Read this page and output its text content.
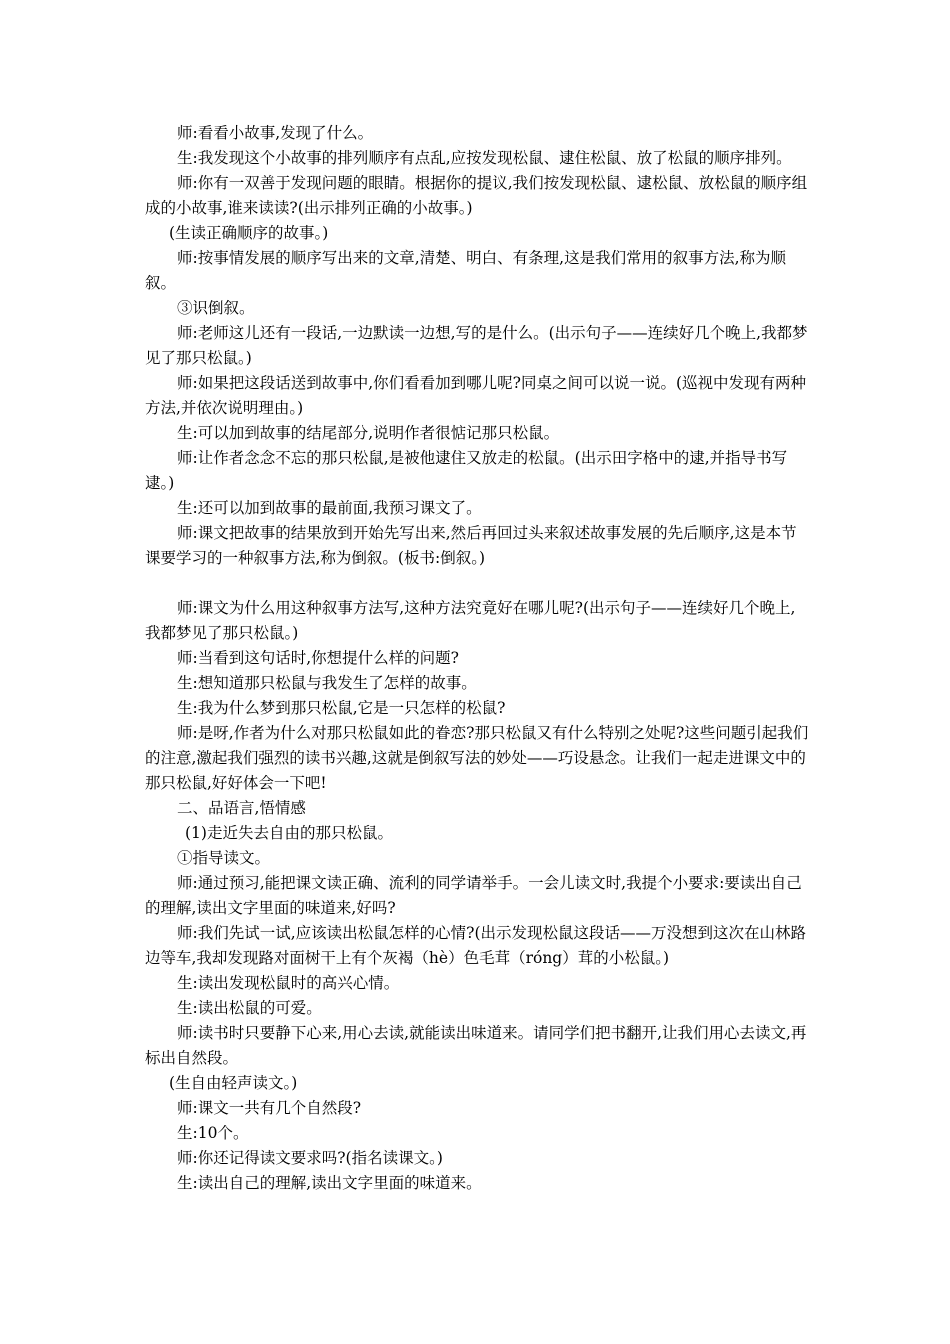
师:看看小故事,发现了什么。

生:我发现这个小故事的排列顺序有点乱,应按发现松鼠、逮住松鼠、放了松鼠的顺序排列。

师:你有一双善于发现问题的眼睛。根据你的提议,我们按发现松鼠、逮松鼠、放松鼠的顺序组成的小故事,谁来读读?(出示排列正确的小故事。)

(生读正确顺序的故事。)

师:按事情发展的顺序写出来的文章,清楚、明白、有条理,这是我们常用的叙事方法,称为顺叙。

③识倒叙。

师:老师这儿还有一段话,一边默读一边想,写的是什么。(出示句子——连续好几个晚上,我都梦见了那只松鼠。)

师:如果把这段话送到故事中,你们看看加到哪儿呢?同桌之间可以说一说。(巡视中发现有两种方法,并依次说明理由。)

生:可以加到故事的结尾部分,说明作者很惦记那只松鼠。

师:让作者念念不忘的那只松鼠,是被他逮住又放走的松鼠。(出示田字格中的逮,并指导书写逮。)

生:还可以加到故事的最前面,我预习课文了。

师:课文把故事的结果放到开始先写出来,然后再回过头来叙述故事发展的先后顺序,这是本节课要学习的一种叙事方法,称为倒叙。(板书:倒叙。)

师:课文为什么用这种叙事方法写,这种方法究竟好在哪儿呢?(出示句子——连续好几个晚上,我都梦见了那只松鼠。)

师:当看到这句话时,你想提什么样的问题?

生:想知道那只松鼠与我发生了怎样的故事。

生:我为什么梦到那只松鼠,它是一只怎样的松鼠?

师:是呀,作者为什么对那只松鼠如此的眷恋?那只松鼠又有什么特别之处呢?这些问题引起我们的注意,激起我们强烈的读书兴趣,这就是倒叙写法的妙处——巧设悬念。让我们一起走进课文中的那只松鼠,好好体会一下吧!

二、品语言,悟情感

(1)走近失去自由的那只松鼠。

①指导读文。

师:通过预习,能把课文读正确、流利的同学请举手。一会儿读文时,我提个小要求:要读出自己的理解,读出文字里面的味道来,好吗?

师:我们先试一试,应该读出松鼠怎样的心情?(出示发现松鼠这段话——万没想到这次在山林路边等车,我却发现路对面树干上有个灰褐（hè）色毛茸（róng）茸的小松鼠。)

生:读出发现松鼠时的高兴心情。

生:读出松鼠的可爱。

师:读书时只要静下心来,用心去读,就能读出味道来。请同学们把书翻开,让我们用心去读文,再标出自然段。

(生自由轻声读文。)

师:课文一共有几个自然段?

生:10个。

师:你还记得读文要求吗?(指名读课文。)

生:读出自己的理解,读出文字里面的味道来。
